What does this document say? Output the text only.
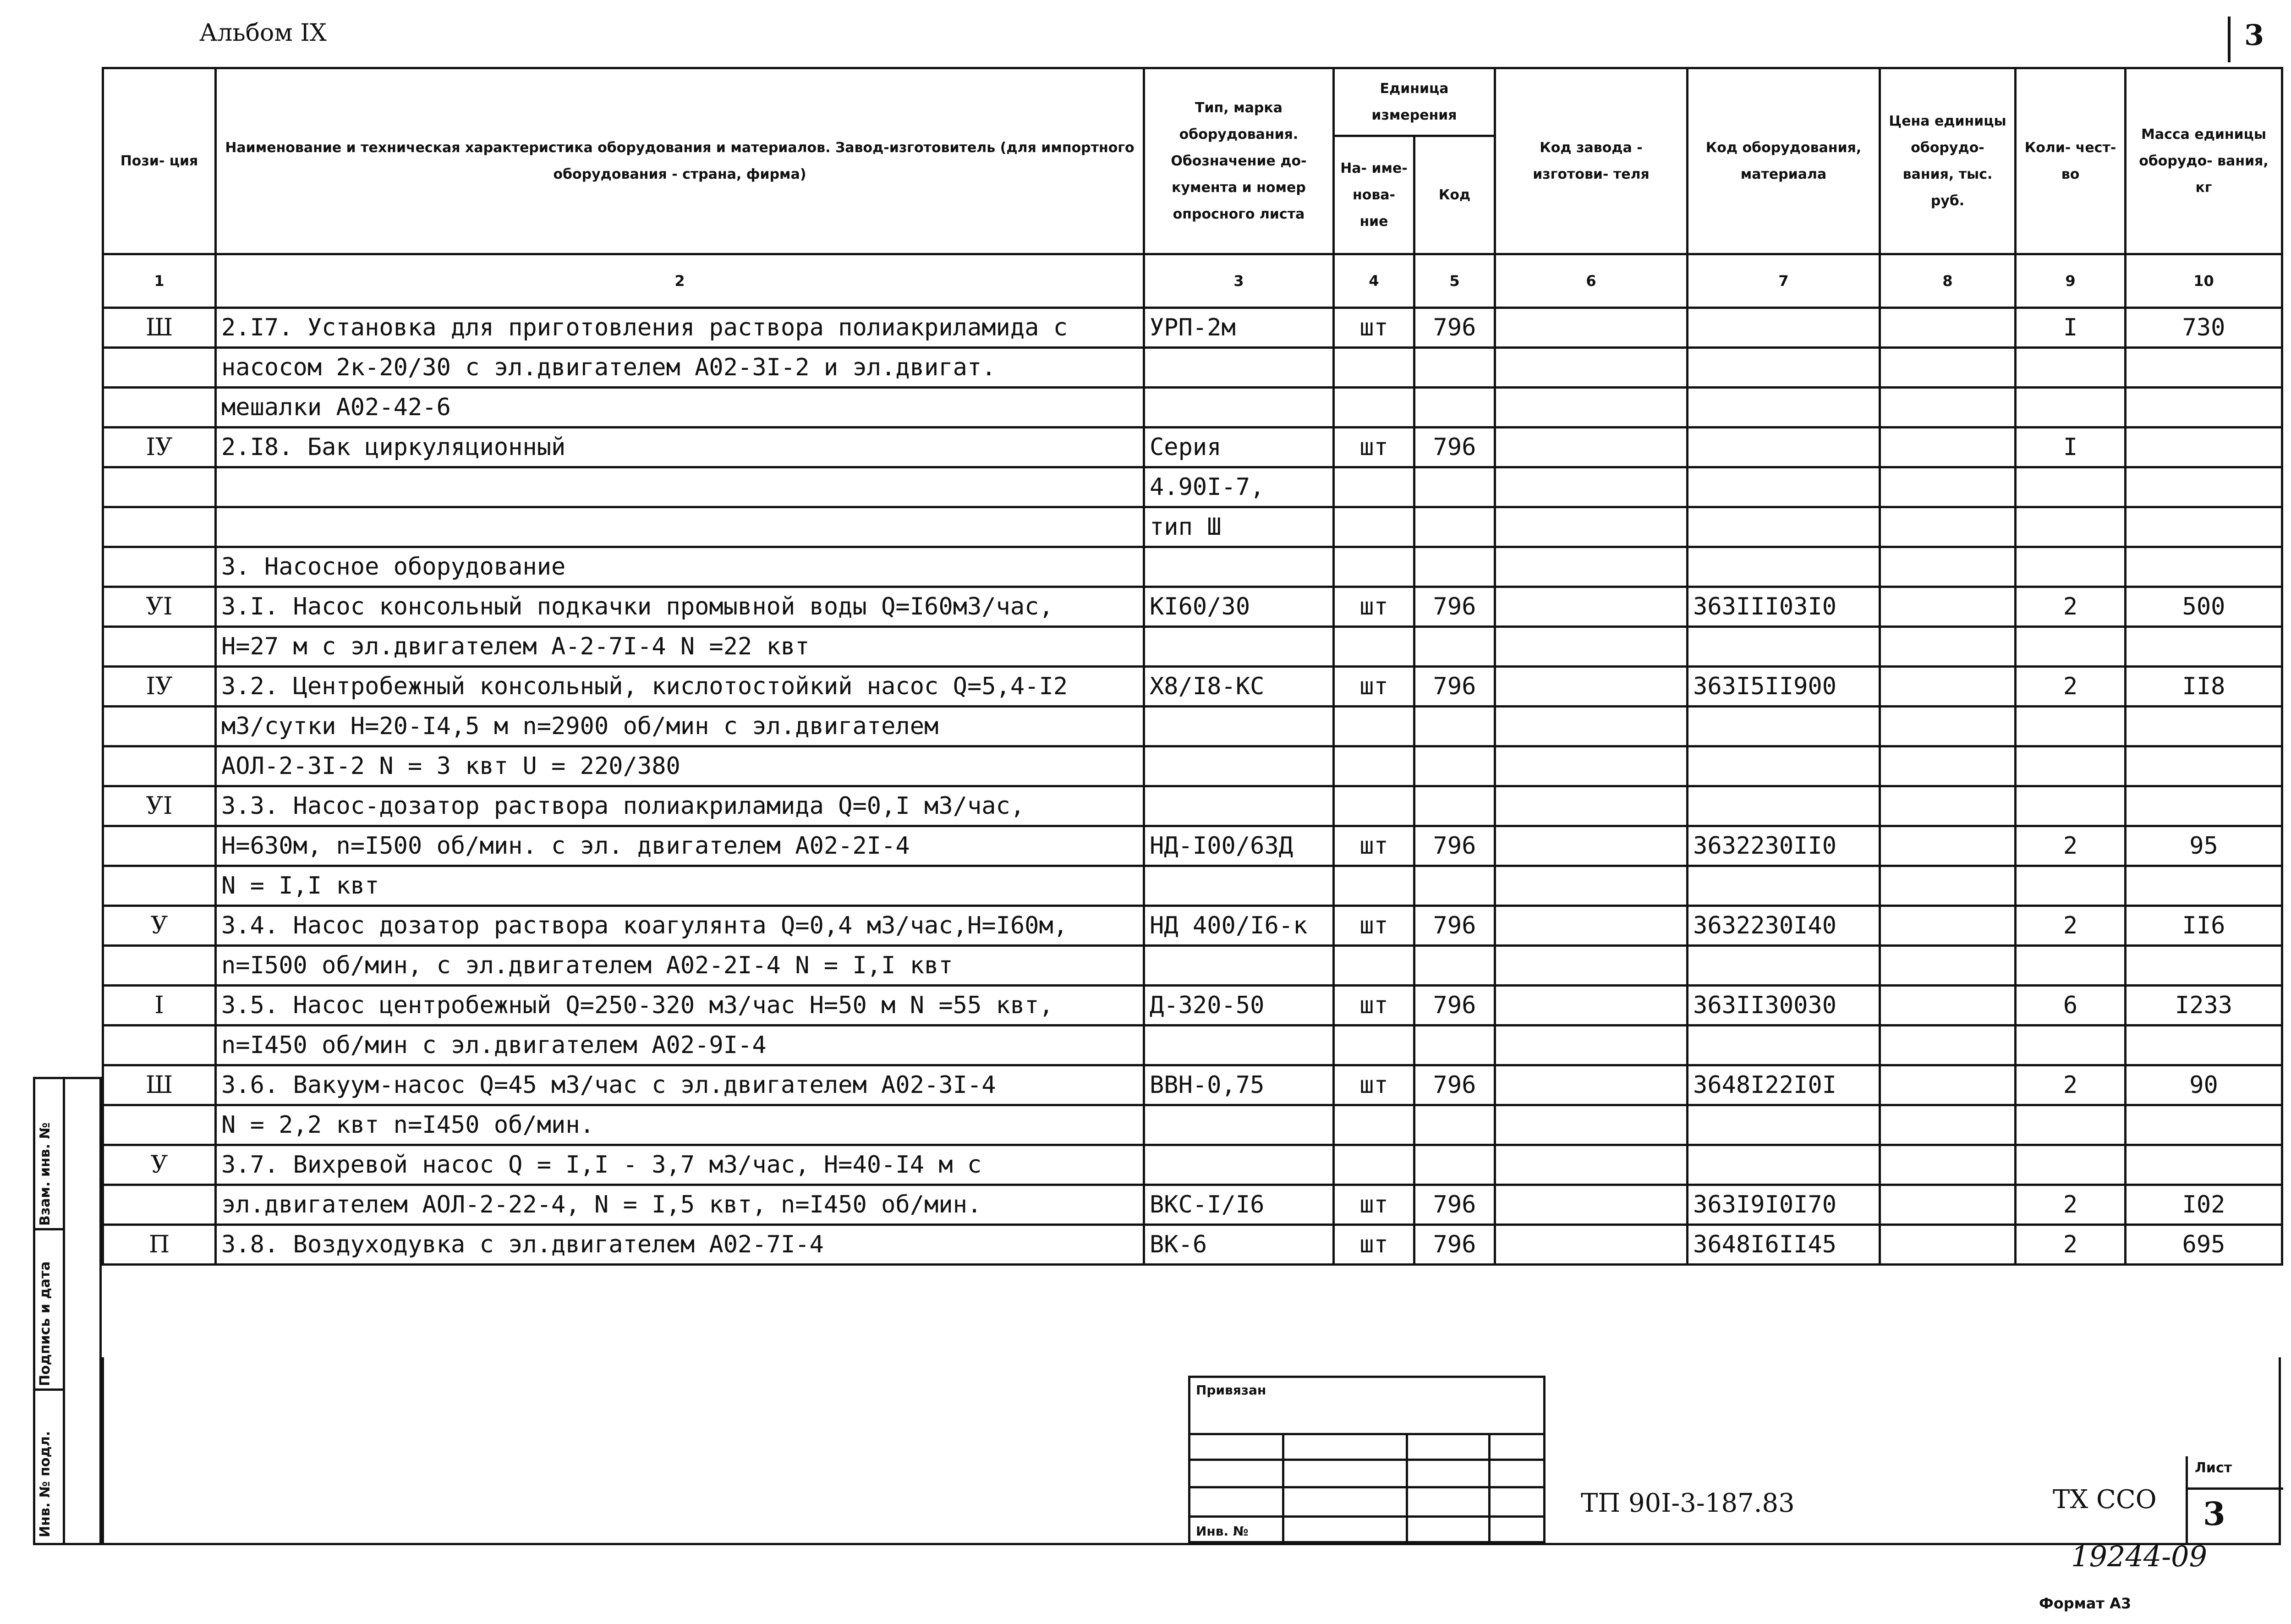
Альбом IX	3
Пози- ция	Наименование и техническая характеристика оборудования и материалов. Завод-изготовитель (для импортного оборудования - страна, фирма)	Тип, марка оборудования. Обозначение до- кумента и номер опросного листа	Единица измерения		Код завода - изготови- теля	Код оборудования, материала	Цена единицы оборудо- вания, тыс. руб.	Коли- чест- во	Масса единицы оборудо- вания, кг
			На- име- нова- ние	Код					
1	2	3	4	5	6	7	8	9	10
Ш	2.I7. Установка для приготовления раствора полиакриламида с	УРП-2м	шт	796				I	730
	насосом 2к-20/30 с эл.двигателем А02-3I-2 и эл.двигат.								
	мешалки А02-42-6								
IУ	2.I8. Бак циркуляционный	Серия	шт	796				I	
		4.90I-7,							
		тип Ш							
	3. Насосное оборудование								
УI	3.I. Насос консольный подкачки промывной воды Q=I60м3/час,	КI60/30	шт	796		363III03I0		2	500
	Н=27 м с эл.двигателем А-2-7I-4 N =22 квт								
IУ	3.2. Центробежный консольный, кислотостойкий насос Q=5,4-I2	Х8/I8-КС	шт	796		363I5II900		2	II8
	м3/сутки Н=20-I4,5 м n=2900 об/мин с эл.двигателем								
	АОЛ-2-3I-2 N = 3 квт U = 220/380								
УI	3.3. Насос-дозатор раствора полиакриламида Q=0,I м3/час,								
	Н=630м, n=I500 об/мин. с эл. двигателем А02-2I-4	НД-I00/63Д	шт	796		3632230II0		2	95
	N = I,I квт								
У	3.4. Насос дозатор раствора коагулянта Q=0,4 м3/час,Н=I60м,	НД 400/I6-к	шт	796		3632230I40		2	II6
	n=I500 об/мин, с эл.двигателем А02-2I-4 N = I,I квт								
I	3.5. Насос центробежный Q=250-320 м3/час Н=50 м N =55 квт,	Д-320-50	шт	796		363II30030		6	I233
	n=I450 об/мин с эл.двигателем А02-9I-4								
Ш	3.6. Вакуум-насос Q=45 м3/час с эл.двигателем А02-3I-4	ВВН-0,75	шт	796		3648I22I0I		2	90
	N = 2,2 квт n=I450 об/мин.								
У	3.7. Вихревой насос Q = I,I - 3,7 м3/час, Н=40-I4 м с								
	эл.двигателем АОЛ-2-22-4, N = I,5 квт, n=I450 об/мин.	ВКС-I/I6	шт	796		363I9I0I70		2	I02
П	3.8. Воздуходувка с эл.двигателем А02-7I-4	ВК-6	шт	796		3648I6II45		2	695
Привязан
Инв. №
ТП 90I-3-187.83	ТХ ССО
Лист
3
19244-09
Формат А3
Взам. инв. №
Подпись и дата
Инв. № подл.
